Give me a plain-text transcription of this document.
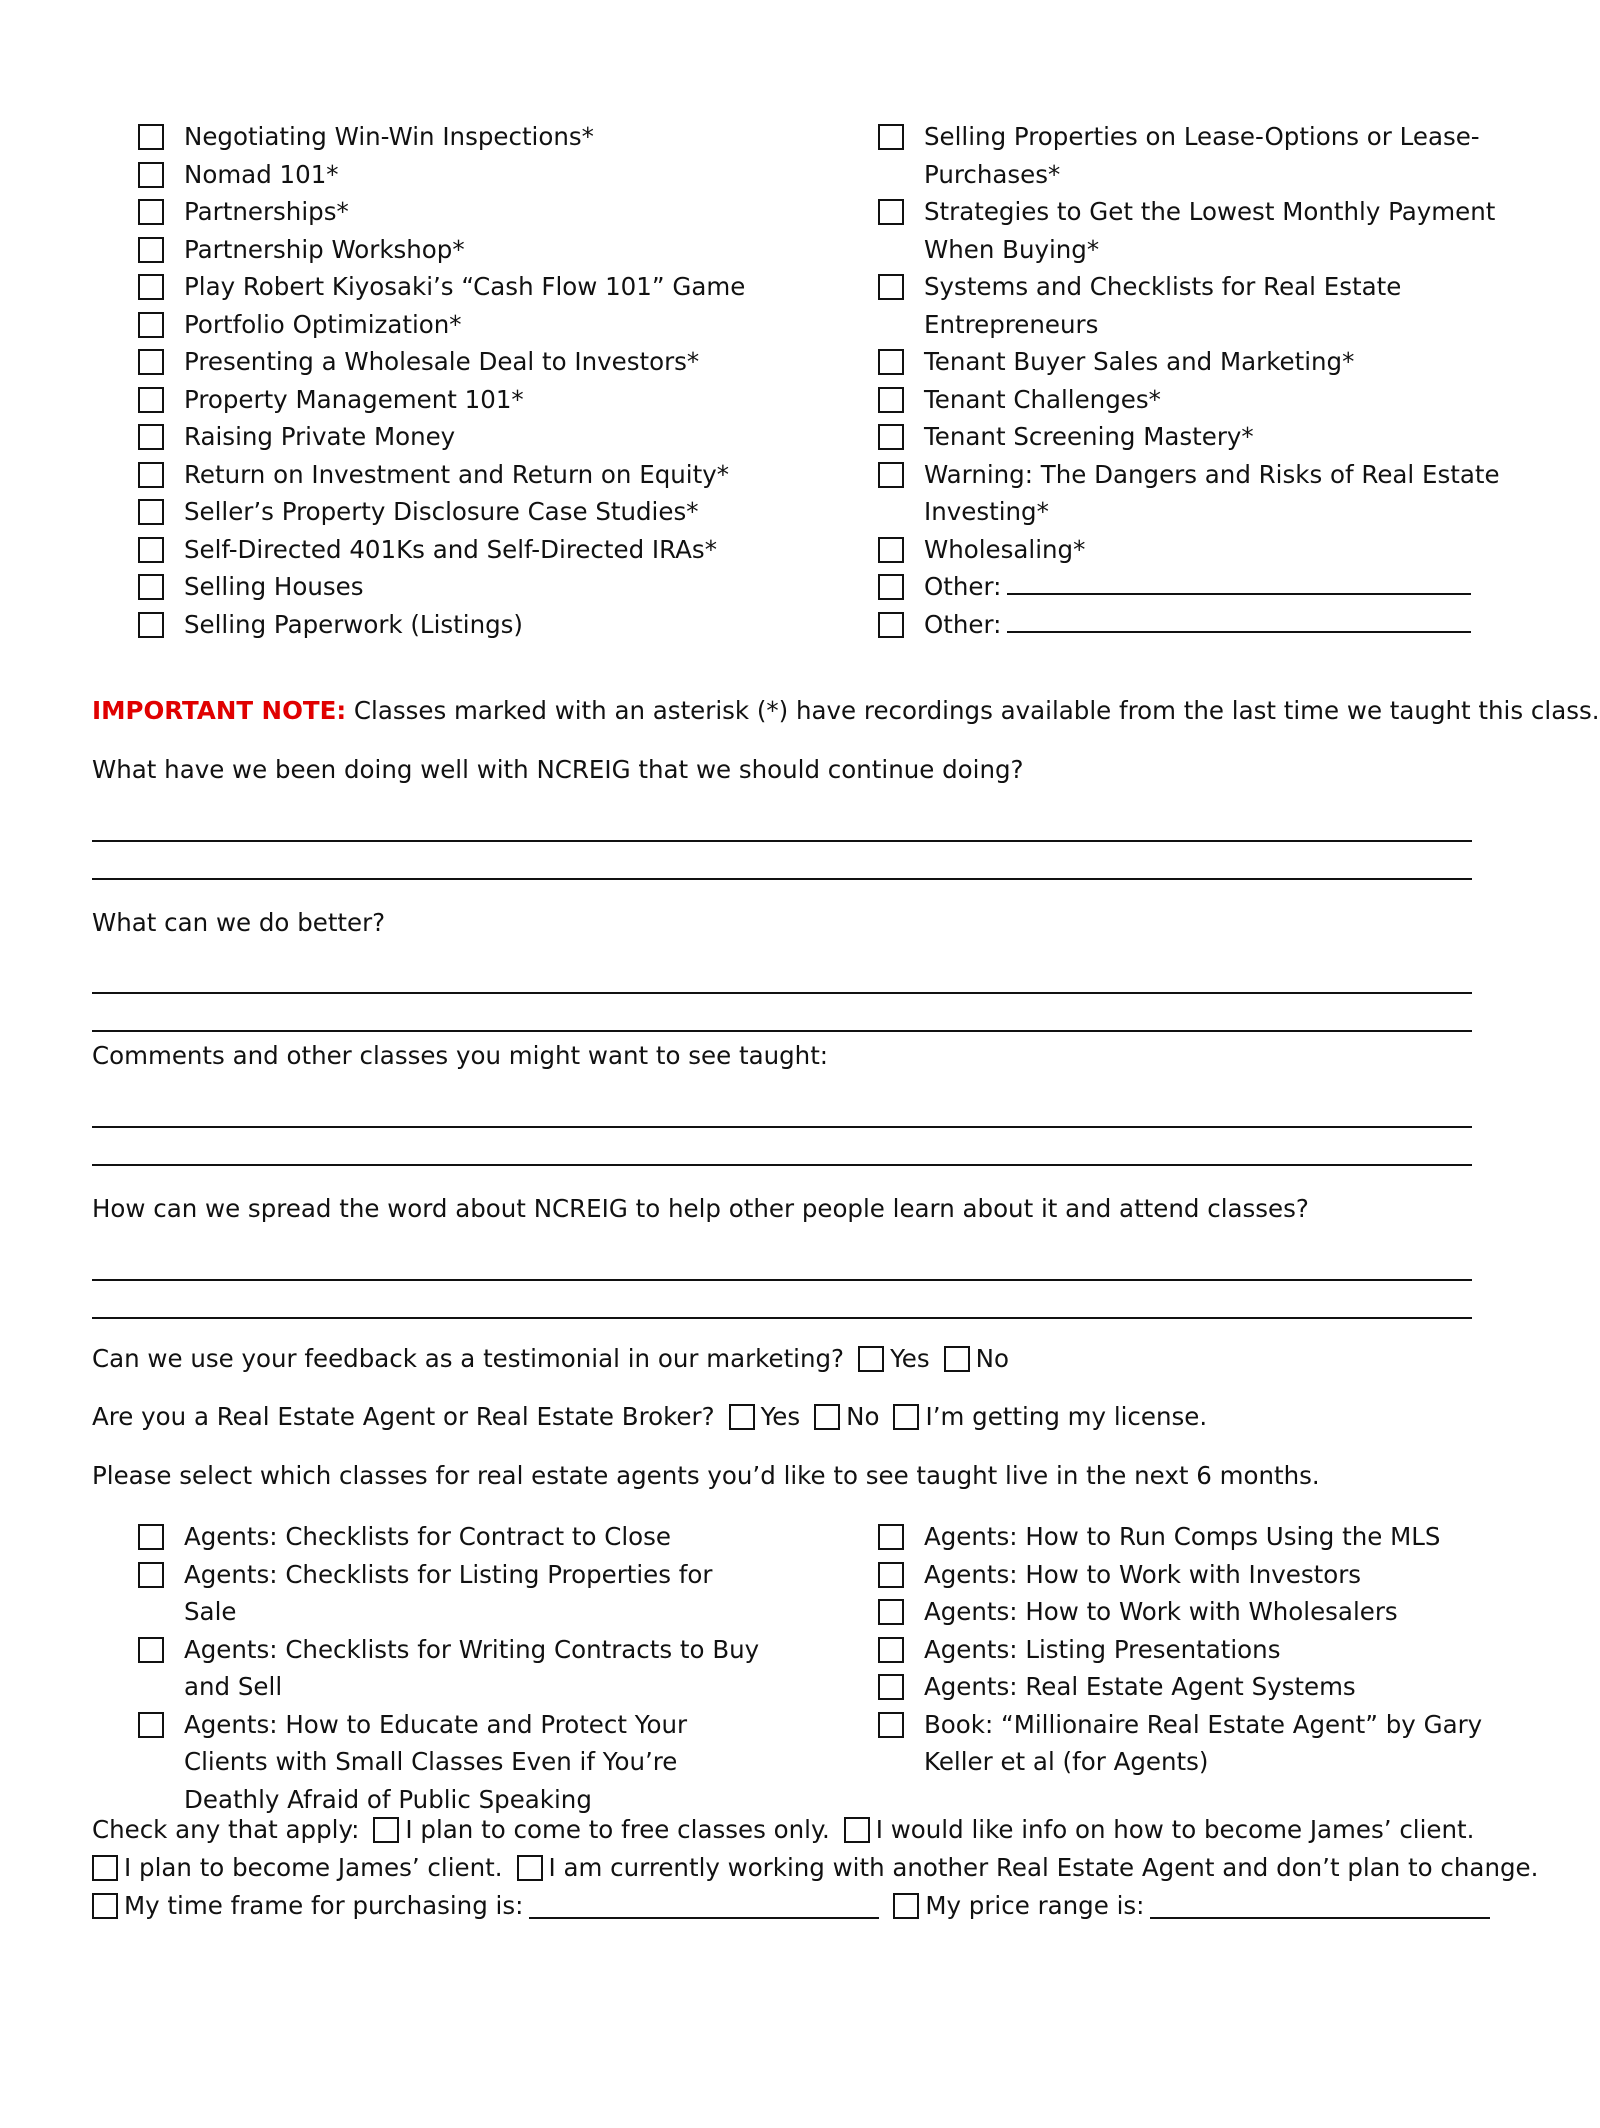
Negotiating Win-Win Inspections*
Nomad 101*
Partnerships*
Partnership Workshop*
Play Robert Kiyosaki’s “Cash Flow 101” Game
Portfolio Optimization*
Presenting a Wholesale Deal to Investors*
Property Management 101*
Raising Private Money
Return on Investment and Return on Equity*
Seller’s Property Disclosure Case Studies*
Self-Directed 401Ks and Self-Directed IRAs*
Selling Houses
Selling Paperwork (Listings)
Selling Properties on Lease-Options or Lease-Purchases*
Strategies to Get the Lowest Monthly Payment When Buying*
Systems and Checklists for Real Estate Entrepreneurs
Tenant Buyer Sales and Marketing*
Tenant Challenges*
Tenant Screening Mastery*
Warning: The Dangers and Risks of Real Estate Investing*
Wholesaling*
Other:
Other:
IMPORTANT NOTE: Classes marked with an asterisk (*) have recordings available from the last time we taught this class.
What have we been doing well with NCREIG that we should continue doing?
What can we do better?
Comments and other classes you might want to see taught:
How can we spread the word about NCREIG to help other people learn about it and attend classes?
Can we use your feedback as a testimonial in our marketing? Yes No
Are you a Real Estate Agent or Real Estate Broker? Yes No I’m getting my license.
Please select which classes for real estate agents you’d like to see taught live in the next 6 months.
Agents: Checklists for Contract to Close
Agents: Checklists for Listing Properties for Sale
Agents: Checklists for Writing Contracts to Buy and Sell
Agents: How to Educate and Protect Your Clients with Small Classes Even if You’re Deathly Afraid of Public Speaking
Agents: How to Run Comps Using the MLS
Agents: How to Work with Investors
Agents: How to Work with Wholesalers
Agents: Listing Presentations
Agents: Real Estate Agent Systems
Book: “Millionaire Real Estate Agent” by Gary Keller et al (for Agents)
Check any that apply: I plan to come to free classes only. I would like info on how to become James’ client.
I plan to become James’ client. I am currently working with another Real Estate Agent and don’t plan to change.
My time frame for purchasing is:	My price range is:
